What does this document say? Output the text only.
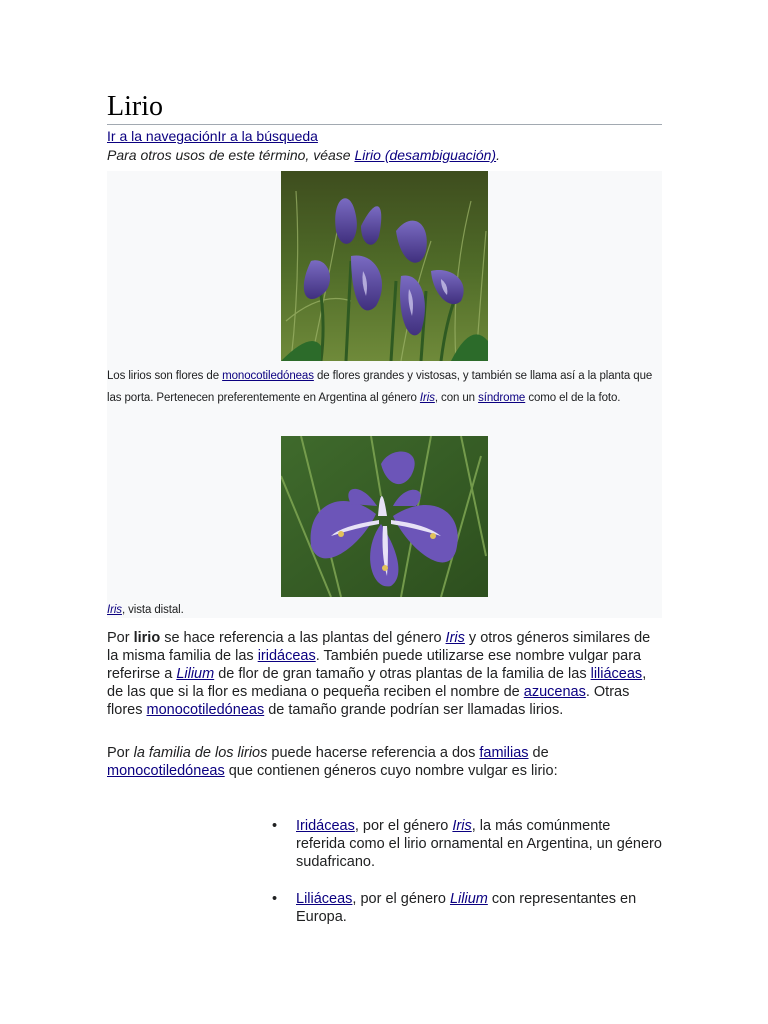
Lirio
Ir a la navegaciónIr a la búsqueda
Para otros usos de este término, véase Lirio (desambiguación).
Los lirios son flores de monocotiledóneas de flores grandes y vistosas, y también se llama así a la planta que las porta. Pertenecen preferentemente en Argentina al género Iris, con un síndrome como el de la foto.
Iris, vista distal.

Por lirio se hace referencia a las plantas del género Iris y otros géneros similares de la misma familia de las iridáceas. También puede utilizarse ese nombre vulgar para referirse a Lilium de flor de gran tamaño y otras plantas de la familia de las liliáceas, de las que si la flor es mediana o pequeña reciben el nombre de azucenas. Otras flores monocotiledóneas de tamaño grande podrían ser llamadas lirios.

Por la familia de los lirios puede hacerse referencia a dos familias de monocotiledóneas que contienen géneros cuyo nombre vulgar es lirio:

• Iridáceas, por el género Iris, la más comúnmente referida como el lirio ornamental en Argentina, un género sudafricano.
• Liliáceas, por el género Lilium con representantes en Europa.
